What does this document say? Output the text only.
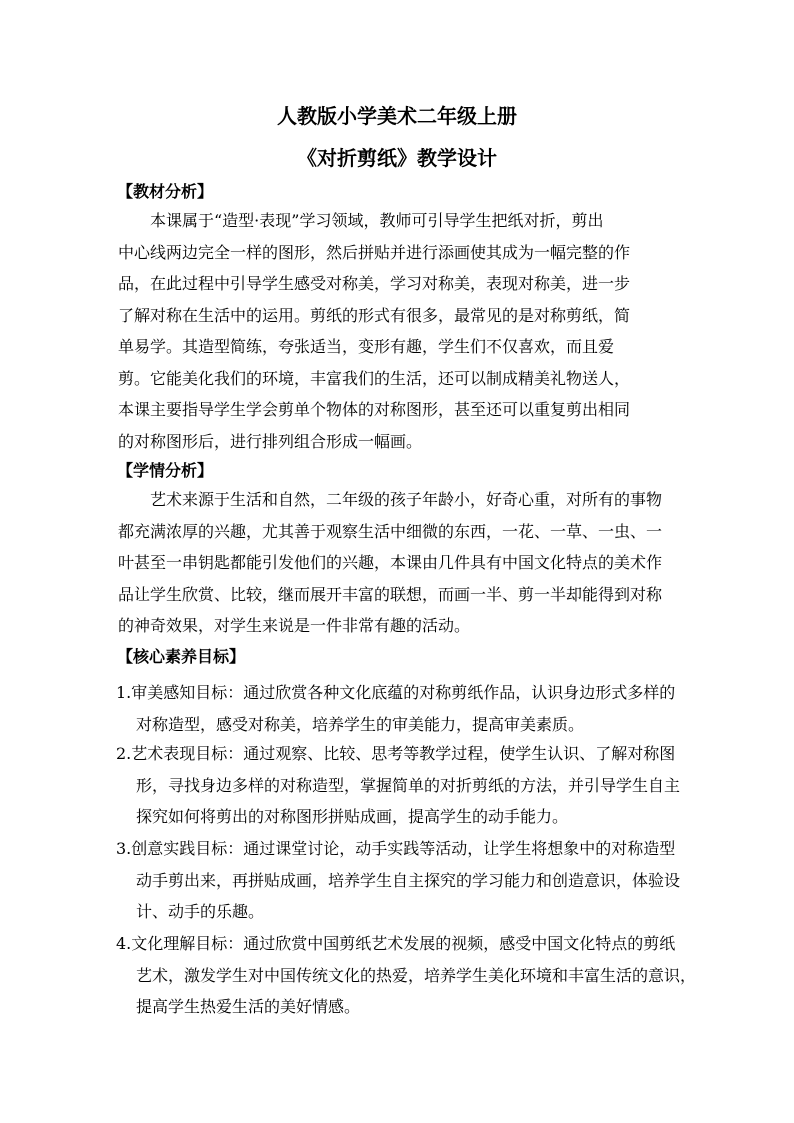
人教版小学美术二年级上册
《对折剪纸》教学设计
【教材分析】
本课属于“造型·表现”学习领域，教师可引导学生把纸对折，剪出
中心线两边完全一样的图形，然后拼贴并进行添画使其成为一幅完整的作
品，在此过程中引导学生感受对称美，学习对称美，表现对称美，进一步
了解对称在生活中的运用。剪纸的形式有很多，最常见的是对称剪纸，简
单易学。其造型简练，夸张适当，变形有趣，学生们不仅喜欢，而且爱
剪。它能美化我们的环境，丰富我们的生活，还可以制成精美礼物送人，
本课主要指导学生学会剪单个物体的对称图形，甚至还可以重复剪出相同
的对称图形后，进行排列组合形成一幅画。
【学情分析】
艺术来源于生活和自然，二年级的孩子年龄小，好奇心重，对所有的事物
都充满浓厚的兴趣，尤其善于观察生活中细微的东西，一花、一草、一虫、一
叶甚至一串钥匙都能引发他们的兴趣，本课由几件具有中国文化特点的美术作
品让学生欣赏、比较，继而展开丰富的联想，而画一半、剪一半却能得到对称
的神奇效果，对学生来说是一件非常有趣的活动。
【核心素养目标】
1.审美感知目标：通过欣赏各种文化底蕴的对称剪纸作品，认识身边形式多样的
对称造型，感受对称美，培养学生的审美能力，提高审美素质。
2.艺术表现目标：通过观察、比较、思考等教学过程，使学生认识、了解对称图
形，寻找身边多样的对称造型，掌握简单的对折剪纸的方法，并引导学生自主
探究如何将剪出的对称图形拼贴成画，提高学生的动手能力。
3.创意实践目标：通过课堂讨论，动手实践等活动，让学生将想象中的对称造型
动手剪出来，再拼贴成画，培养学生自主探究的学习能力和创造意识，体验设
计、动手的乐趣。
4.文化理解目标：通过欣赏中国剪纸艺术发展的视频，感受中国文化特点的剪纸
艺术，激发学生对中国传统文化的热爱，培养学生美化环境和丰富生活的意识，
提高学生热爱生活的美好情感。
